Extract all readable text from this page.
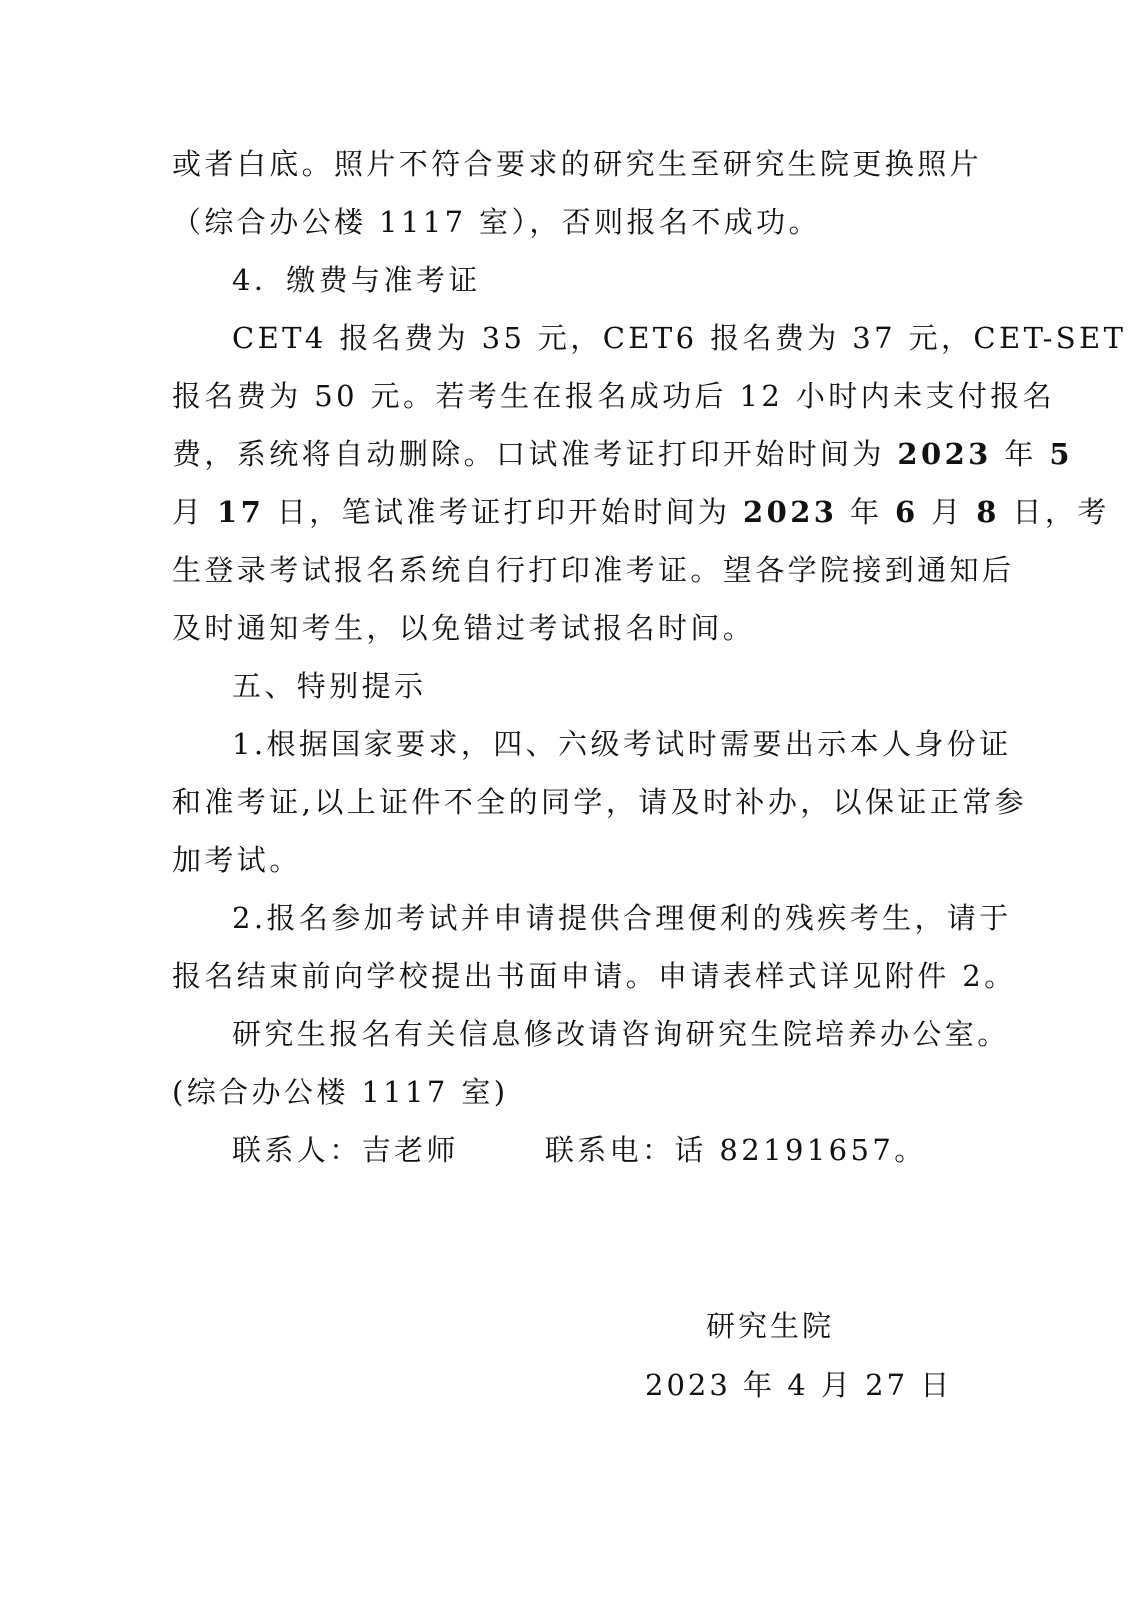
或者白底。照片不符合要求的研究生至研究生院更换照片
（综合办公楼 1117 室），否则报名不成功。
4．缴费与准考证
CET4 报名费为 35 元，CET6 报名费为 37 元，CET-SET
报名费为 50 元。若考生在报名成功后 12 小时内未支付报名
费，系统将自动删除。口试准考证打印开始时间为 2023 年 5
月 17 日，笔试准考证打印开始时间为 2023 年 6 月 8 日，考
生登录考试报名系统自行打印准考证。望各学院接到通知后
及时通知考生，以免错过考试报名时间。
五、特别提示
1.根据国家要求，四、六级考试时需要出示本人身份证
和准考证,以上证件不全的同学，请及时补办，以保证正常参
加考试。
2.报名参加考试并申请提供合理便利的残疾考生，请于
报名结束前向学校提出书面申请。申请表样式详见附件 2。
研究生报名有关信息修改请咨询研究生院培养办公室。
(综合办公楼 1117 室)
联系人：吉老师	联系电：话 82191657。
研究生院
2023 年 4 月 27 日
